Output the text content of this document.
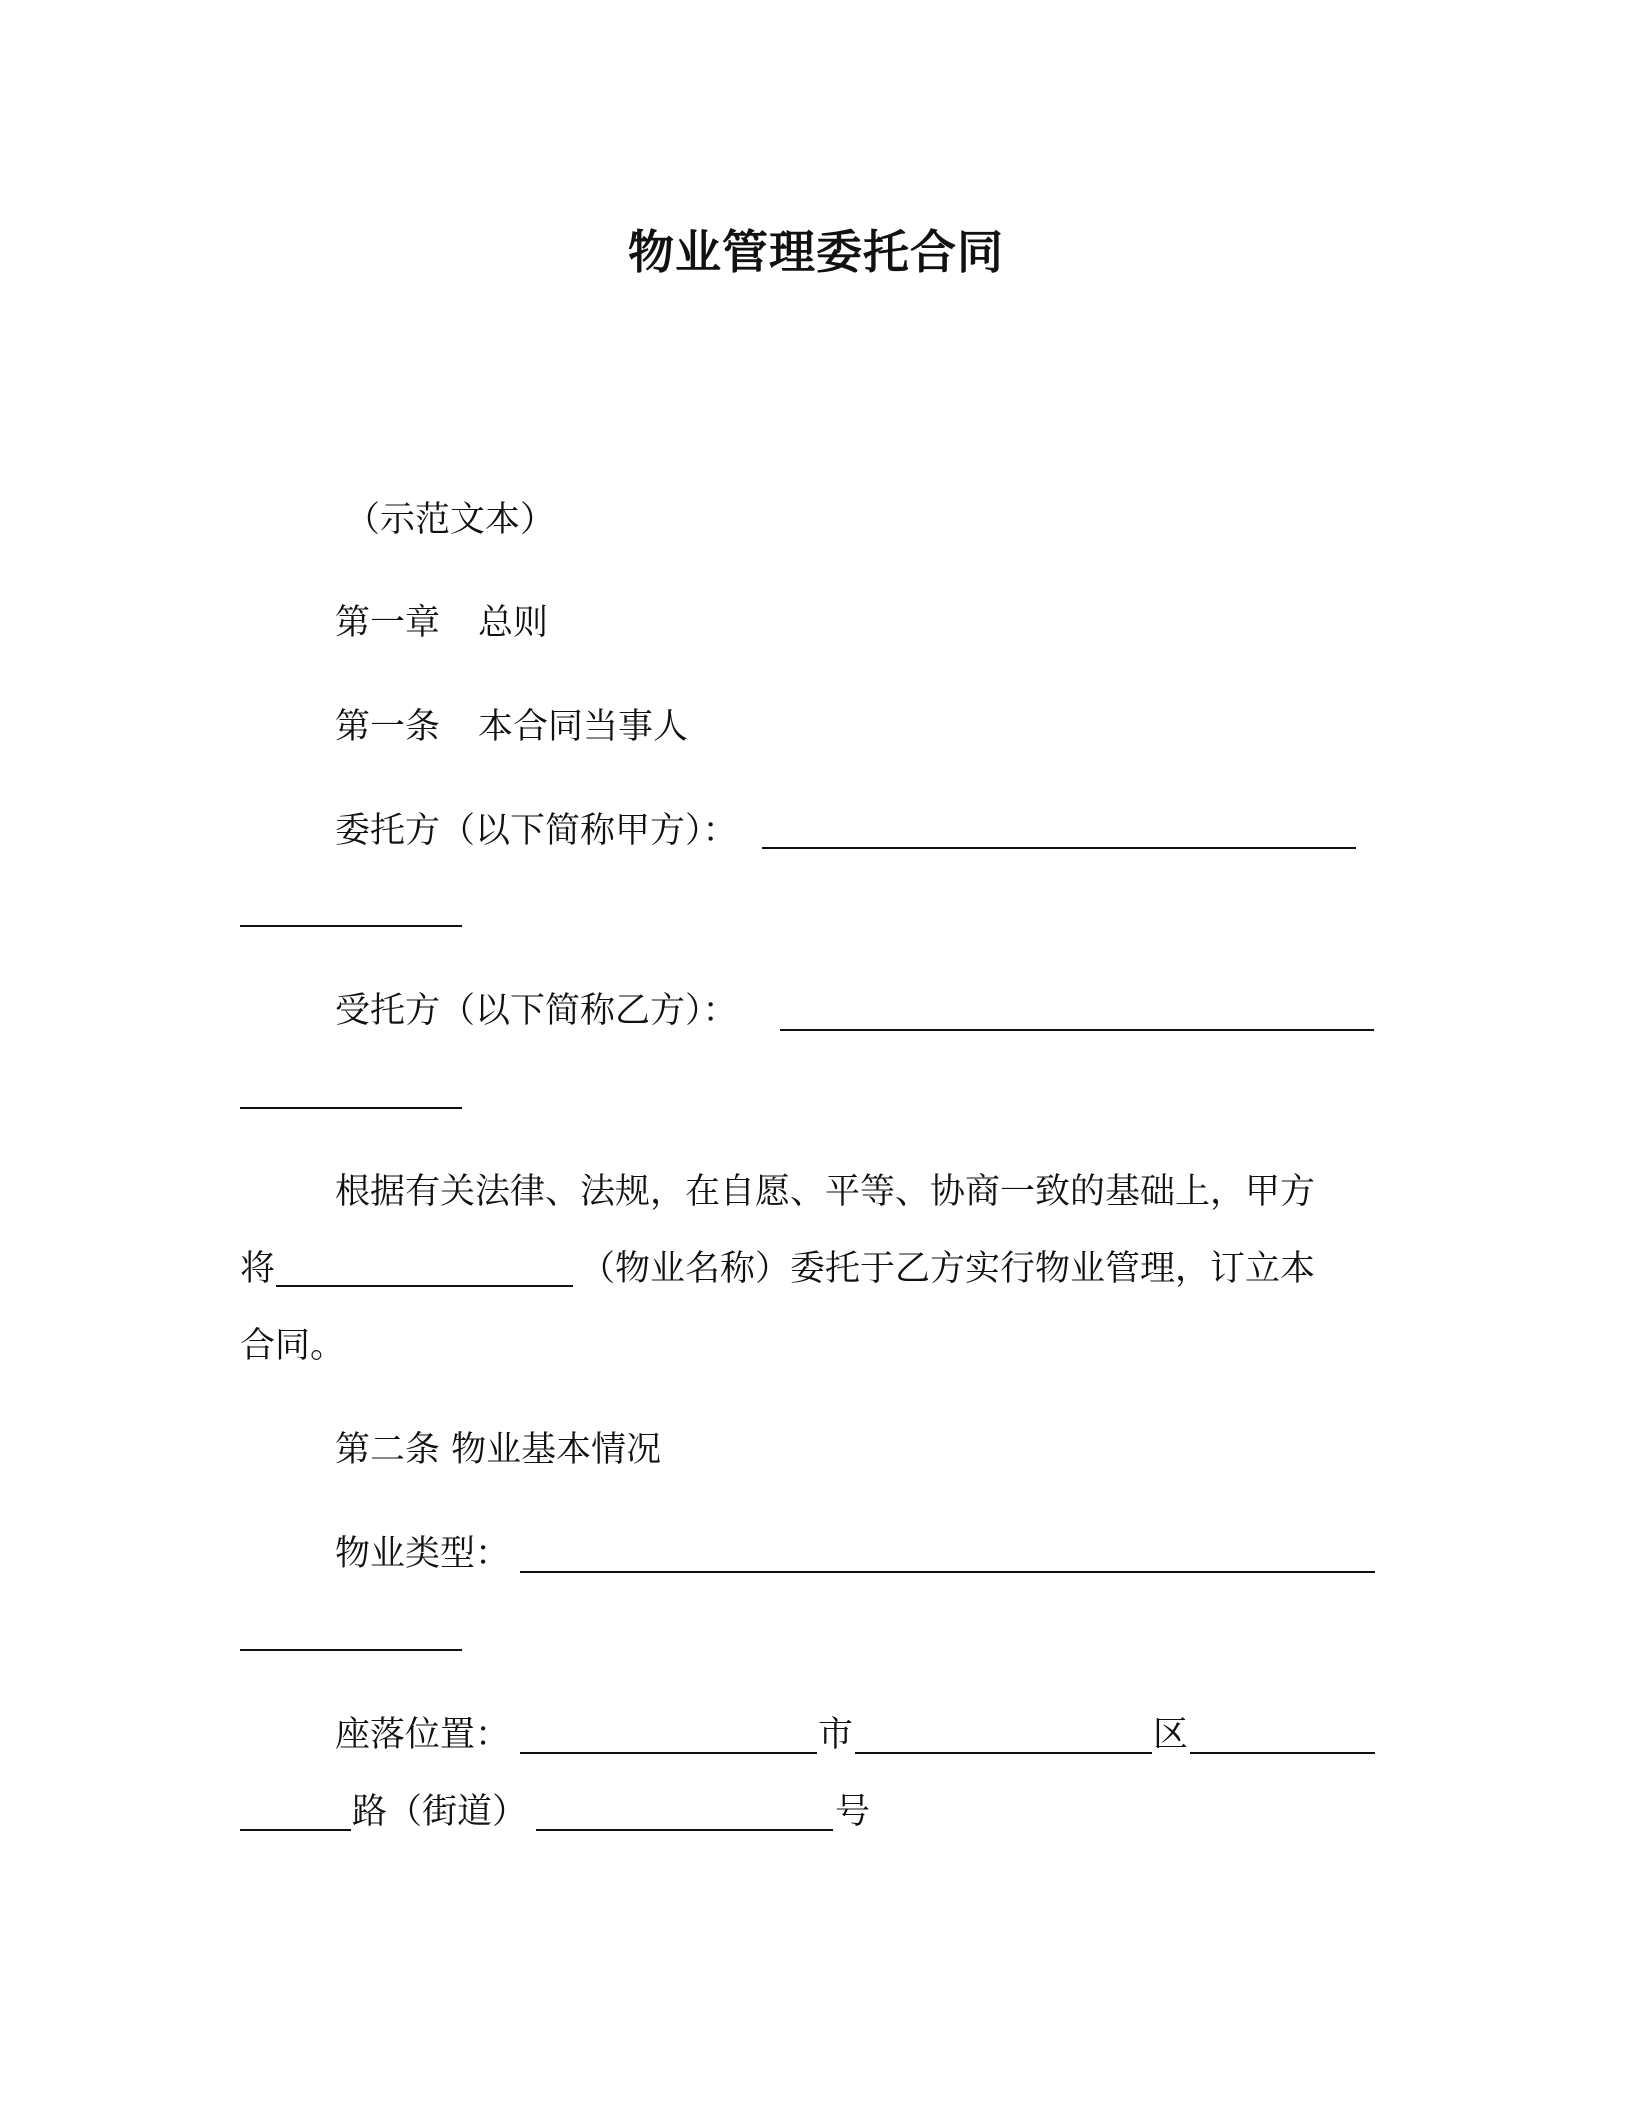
物业管理委托合同
（示范文本）
第一章 总则
第一条 本合同当事人
委托方（以下简称甲方）：
受托方（以下简称乙方）：
根据有关法律、法规，在自愿、平等、协商一致的基础上，甲方
将	（物业名称）委托于乙方实行物业管理，订立本
合同。
第二条 物业基本情况
物业类型：
座落位置：	市	区
路（街道）	号
